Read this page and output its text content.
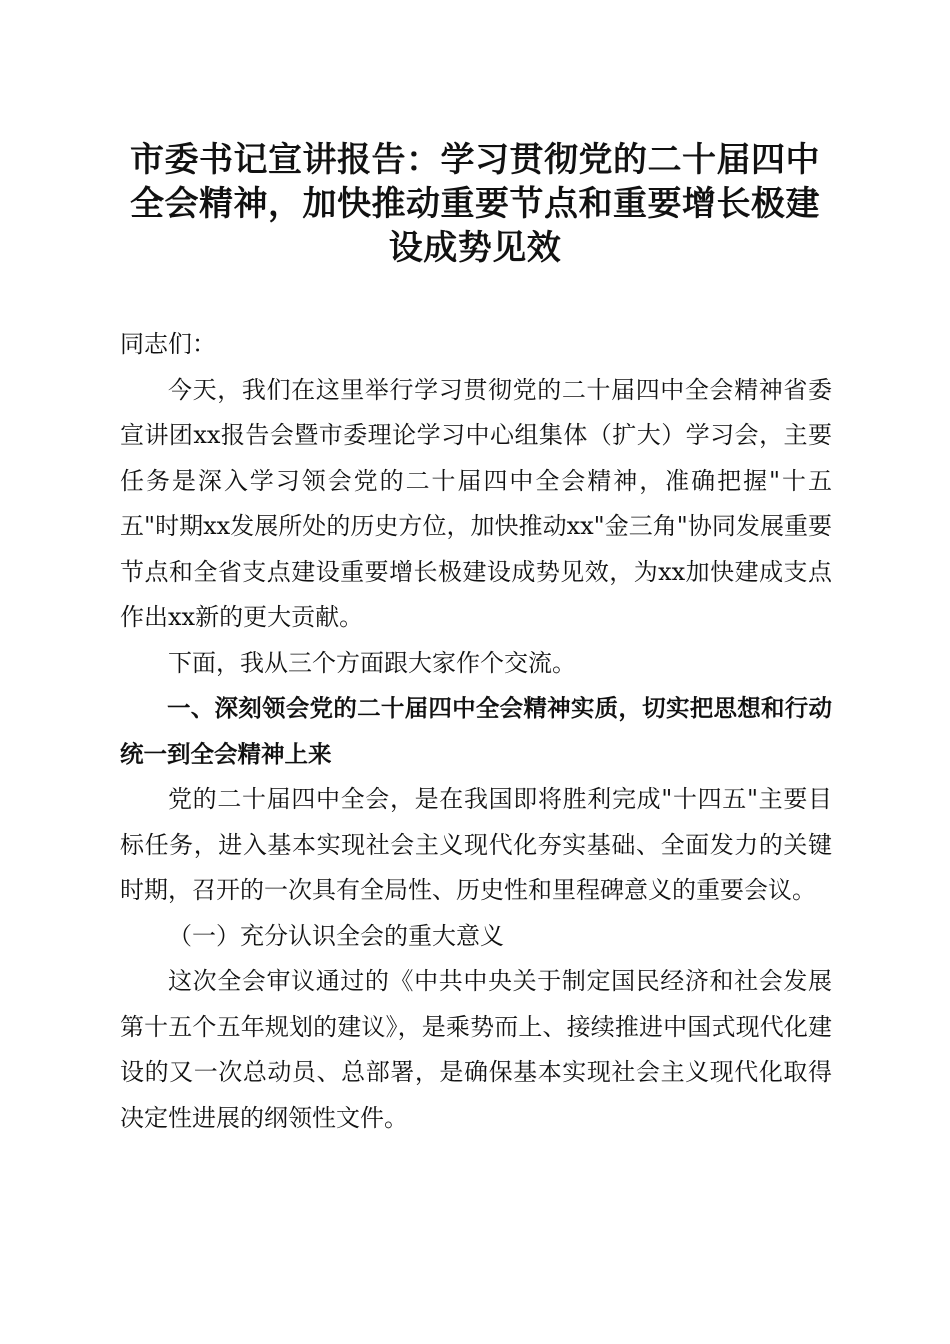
市委书记宣讲报告：学习贯彻党的二十届四中
全会精神，加快推动重要节点和重要增长极建
设成势见效

同志们：

今天，我们在这里举行学习贯彻党的二十届四中全会精神省委宣讲团xx报告会暨市委理论学习中心组集体（扩大）学习会，主要任务是深入学习领会党的二十届四中全会精神，准确把握"十五五"时期xx发展所处的历史方位，加快推动xx"金三角"协同发展重要节点和全省支点建设重要增长极建设成势见效，为xx加快建成支点作出xx新的更大贡献。

下面，我从三个方面跟大家作个交流。

一、深刻领会党的二十届四中全会精神实质，切实把思想和行动统一到全会精神上来

党的二十届四中全会，是在我国即将胜利完成"十四五"主要目标任务，进入基本实现社会主义现代化夯实基础、全面发力的关键时期，召开的一次具有全局性、历史性和里程碑意义的重要会议。

（一）充分认识全会的重大意义

这次全会审议通过的《中共中央关于制定国民经济和社会发展第十五个五年规划的建议》，是乘势而上、接续推进中国式现代化建设的又一次总动员、总部署，是确保基本实现社会主义现代化取得决定性进展的纲领性文件。
